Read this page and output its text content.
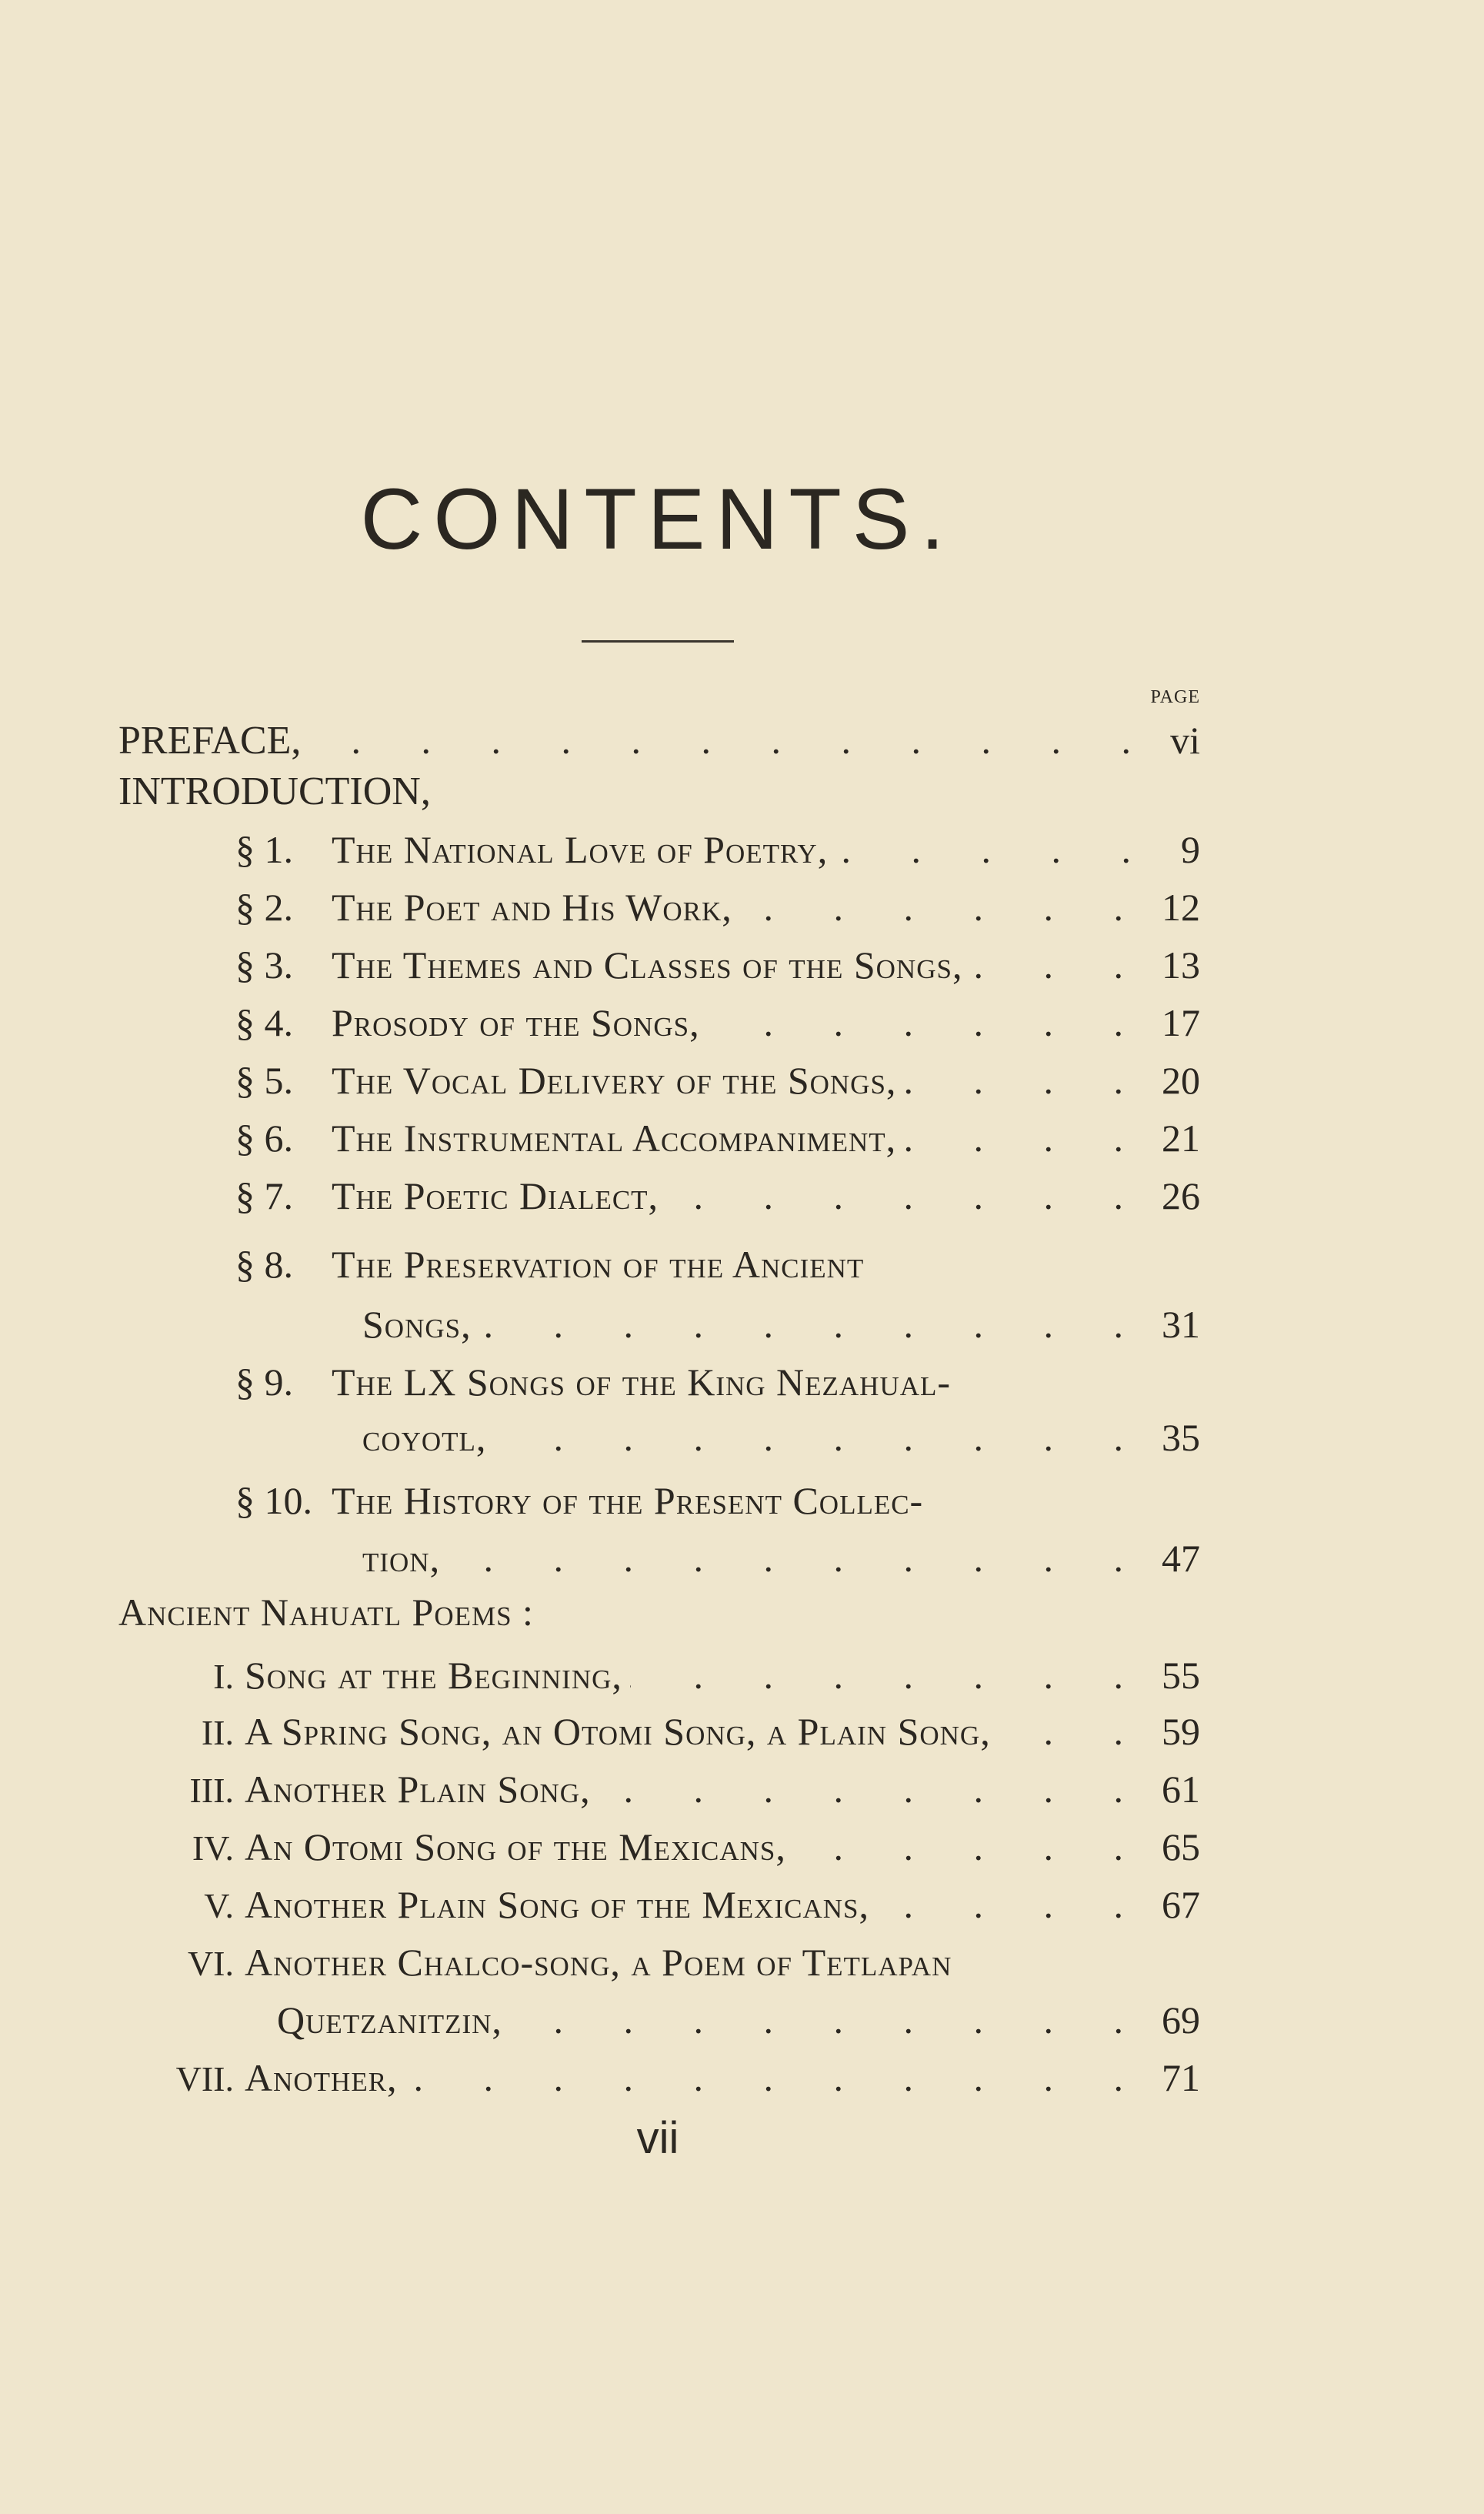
CONTENTS.
PAGE
PREFACE, . . .	vi
INTRODUCTION,
§ 1.	The National Love of Poetry, . . .	9
§ 2.	The Poet and His Work, . . .	12
§ 3.	The Themes and Classes of the Songs, . . .	13
§ 4.	Prosody of the Songs, . . .	17
§ 5.	The Vocal Delivery of the Songs, . . .	20
§ 6.	The Instrumental Accompaniment, . . .	21
§ 7.	The Poetic Dialect, . . .	26
§ 8.	The Preservation of the Ancient
Songs, . . .	31
§ 9.	The LX Songs of the King Nezahual-
coyotl, . . .	35
§ 10. The History of the Present Collec-
tion, . . .	47
Ancient Nahuatl Poems :
I. Song at the Beginning, . . .	55
II. A Spring Song, an Otomi Song, a Plain Song, . . .	59
III. Another Plain Song, . . .	61
IV. An Otomi Song of the Mexicans, . . .	65
V. Another Plain Song of the Mexicans, . . .	67
VI. Another Chalco-song, a Poem of Tetlapan
Quetzanitzin, . . .	69
VII. Another, . . .	71
vii
